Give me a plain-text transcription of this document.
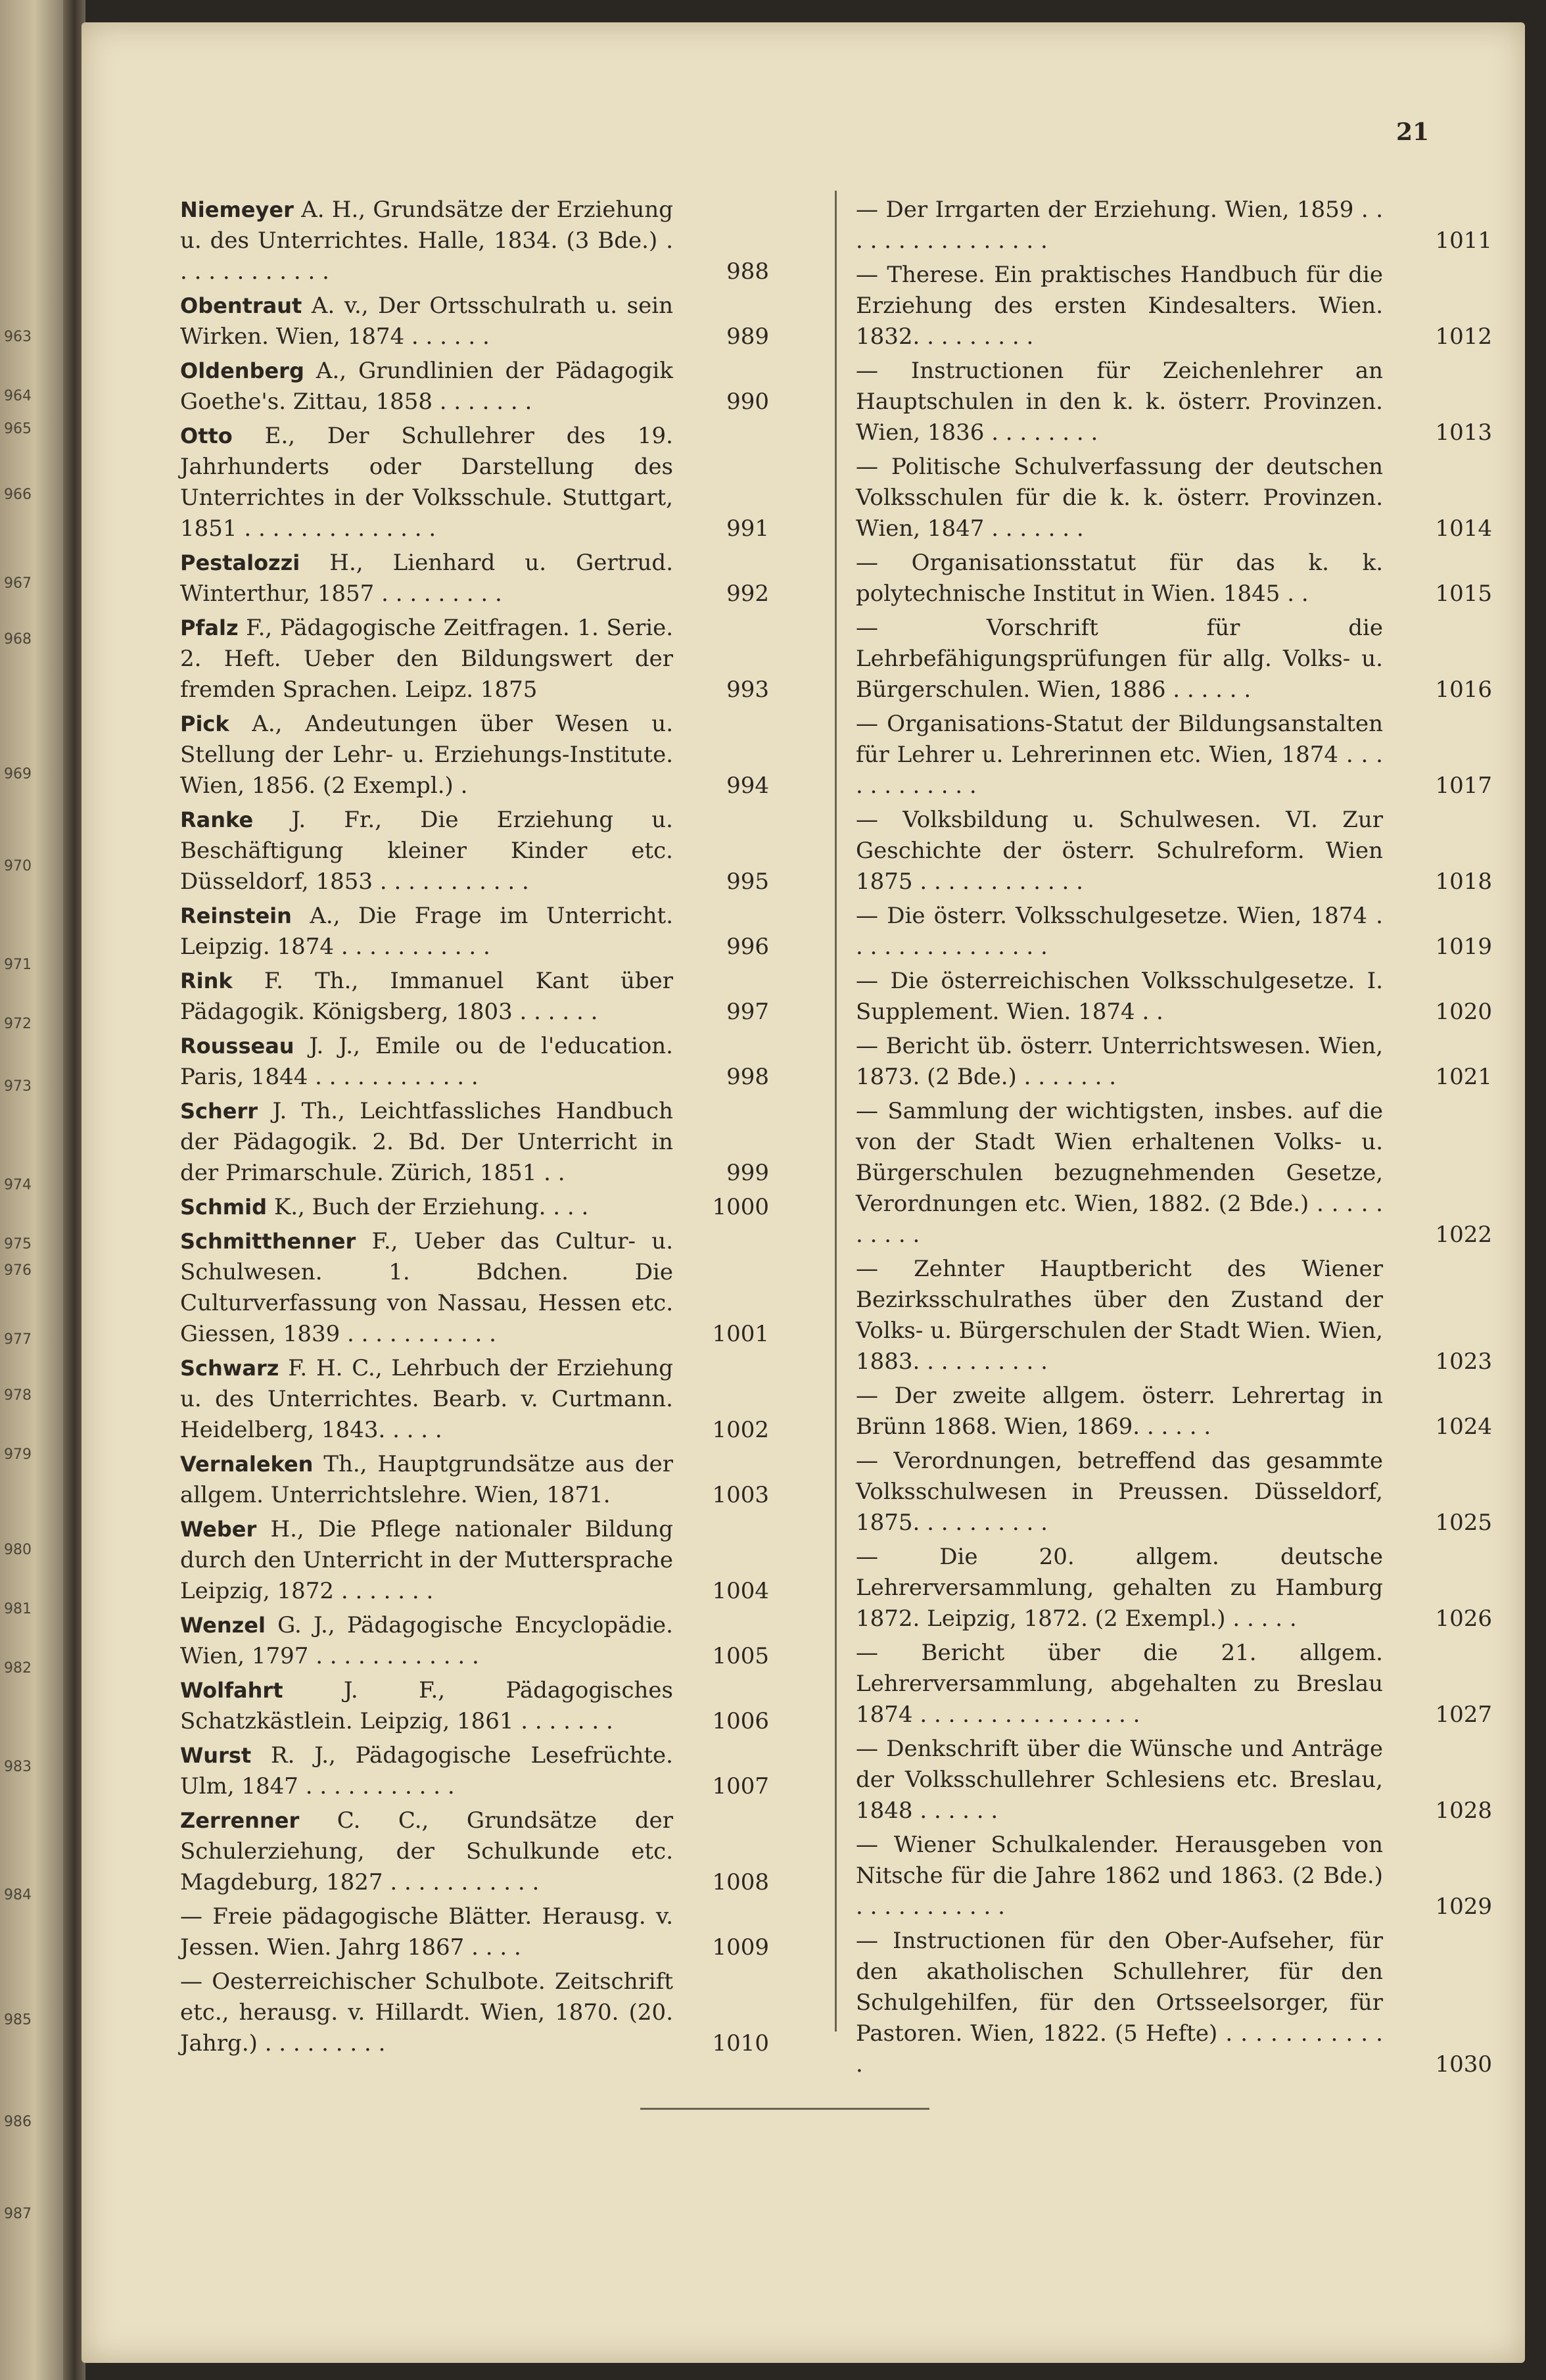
963
964
965
966
967
968
969
970
971
972
973
974
975
976
977
978
979
980
981
982
983
984
985
986
987
21
Niemeyer A. H., Grundsätze der Erziehung u. des Unterrichtes. Halle, 1834. (3 Bde.) . . . . . . . . . . . .	988
Obentraut A. v., Der Ortsschulrath u. sein Wirken. Wien, 1874 . . . . . .	989
Oldenberg A., Grundlinien der Pädagogik Goethe's. Zittau, 1858 . . . . . . .	990
Otto E., Der Schullehrer des 19. Jahrhunderts oder Darstellung des Unterrichtes in der Volksschule. Stuttgart, 1851 . . . . . . . . . . . . . .	991
Pestalozzi H., Lienhard u. Gertrud. Winterthur, 1857 . . . . . . . . .	992
Pfalz F., Pädagogische Zeitfragen. 1. Serie. 2. Heft. Ueber den Bildungswert der fremden Sprachen. Leipz. 1875	993
Pick A., Andeutungen über Wesen u. Stellung der Lehr- u. Erziehungs-Institute. Wien, 1856. (2 Exempl.) .	994
Ranke J. Fr., Die Erziehung u. Beschäftigung kleiner Kinder etc. Düsseldorf, 1853 . . . . . . . . . . .	995
Reinstein A., Die Frage im Unterricht. Leipzig. 1874 . . . . . . . . . . .	996
Rink F. Th., Immanuel Kant über Pädagogik. Königsberg, 1803 . . . . . .	997
Rousseau J. J., Emile ou de l'education. Paris, 1844 . . . . . . . . . . . .	998
Scherr J. Th., Leichtfassliches Handbuch der Pädagogik. 2. Bd. Der Unterricht in der Primarschule. Zürich, 1851 . .	999
Schmid K., Buch der Erziehung. . . .	1000
Schmitthenner F., Ueber das Cultur- u. Schulwesen. 1. Bdchen. Die Culturverfassung von Nassau, Hessen etc. Giessen, 1839 . . . . . . . . . . .	1001
Schwarz F. H. C., Lehrbuch der Erziehung u. des Unterrichtes. Bearb. v. Curtmann. Heidelberg, 1843. . . . .	1002
Vernaleken Th., Hauptgrundsätze aus der allgem. Unterrichtslehre. Wien, 1871.	1003
Weber H., Die Pflege nationaler Bildung durch den Unterricht in der Muttersprache Leipzig, 1872 . . . . . . .	1004
Wenzel G. J., Pädagogische Encyclopädie. Wien, 1797 . . . . . . . . . . . .	1005
Wolfahrt J. F., Pädagogisches Schatzkästlein. Leipzig, 1861 . . . . . . .	1006
Wurst R. J., Pädagogische Lesefrüchte. Ulm, 1847 . . . . . . . . . . .	1007
Zerrenner C. C., Grundsätze der Schulerziehung, der Schulkunde etc. Magdeburg, 1827 . . . . . . . . . . .	1008
— Freie pädagogische Blätter. Herausg. v. Jessen. Wien. Jahrg 1867 . . . .	1009
— Oesterreichischer Schulbote. Zeitschrift etc., herausg. v. Hillardt. Wien, 1870. (20. Jahrg.) . . . . . . . . .	1010
— Der Irrgarten der Erziehung. Wien, 1859 . . . . . . . . . . . . . . . .	1011
— Therese. Ein praktisches Handbuch für die Erziehung des ersten Kindesalters. Wien. 1832. . . . . . . . .	1012
— Instructionen für Zeichenlehrer an Hauptschulen in den k. k. österr. Provinzen. Wien, 1836 . . . . . . . .	1013
— Politische Schulverfassung der deutschen Volksschulen für die k. k. österr. Provinzen. Wien, 1847 . . . . . . .	1014
— Organisationsstatut für das k. k. polytechnische Institut in Wien. 1845 . .	1015
— Vorschrift für die Lehrbefähigungsprüfungen für allg. Volks- u. Bürgerschulen. Wien, 1886 . . . . . .	1016
— Organisations-Statut der Bildungsanstalten für Lehrer u. Lehrerinnen etc. Wien, 1874 . . . . . . . . . . . .	1017
— Volksbildung u. Schulwesen. VI. Zur Geschichte der österr. Schulreform. Wien 1875 . . . . . . . . . . . .	1018
— Die österr. Volksschulgesetze. Wien, 1874 . . . . . . . . . . . . . . .	1019
— Die österreichischen Volksschulgesetze. I. Supplement. Wien. 1874 . .	1020
— Bericht üb. österr. Unterrichtswesen. Wien, 1873. (2 Bde.) . . . . . . .	1021
— Sammlung der wichtigsten, insbes. auf die von der Stadt Wien erhaltenen Volks- u. Bürgerschulen bezugnehmenden Gesetze, Verordnungen etc. Wien, 1882. (2 Bde.) . . . . . . . . . .	1022
— Zehnter Hauptbericht des Wiener Bezirksschulrathes über den Zustand der Volks- u. Bürgerschulen der Stadt Wien. Wien, 1883. . . . . . . . . .	1023
— Der zweite allgem. österr. Lehrertag in Brünn 1868. Wien, 1869. . . . . .	1024
— Verordnungen, betreffend das gesammte Volksschulwesen in Preussen. Düsseldorf, 1875. . . . . . . . . .	1025
— Die 20. allgem. deutsche Lehrerversammlung, gehalten zu Hamburg 1872. Leipzig, 1872. (2 Exempl.) . . . . .	1026
— Bericht über die 21. allgem. Lehrerversammlung, abgehalten zu Breslau 1874 . . . . . . . . . . . . . . . .	1027
— Denkschrift über die Wünsche und Anträge der Volksschullehrer Schlesiens etc. Breslau, 1848 . . . . . .	1028
— Wiener Schulkalender. Herausgeben von Nitsche für die Jahre 1862 und 1863. (2 Bde.) . . . . . . . . . . .	1029
— Instructionen für den Ober-Aufseher, für den akatholischen Schullehrer, für den Schulgehilfen, für den Ortsseelsorger, für Pastoren. Wien, 1822. (5 Hefte) . . . . . . . . . . . .	1030
